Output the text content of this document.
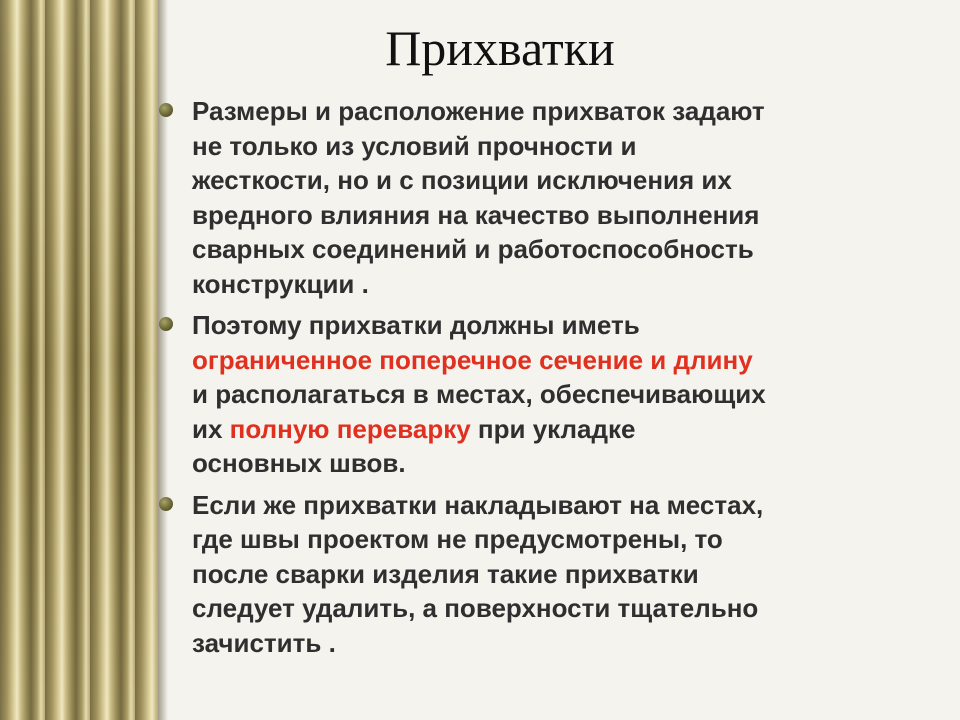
Прихватки
Размеры и расположение прихваток задают
не только из условий прочности и
жесткости, но и с позиции исключения их
вредного влияния на качество выполнения
сварных соединений и работоспособность
конструкции .
Поэтому прихватки должны иметь
ограниченное поперечное сечение и длину
и располагаться в местах, обеспечивающих
их полную переварку при укладке
основных швов.
Если же прихватки накладывают на местах,
где швы проектом не предусмотрены, то
после сварки изделия такие прихватки
следует удалить, а поверхности тщательно
зачистить .
